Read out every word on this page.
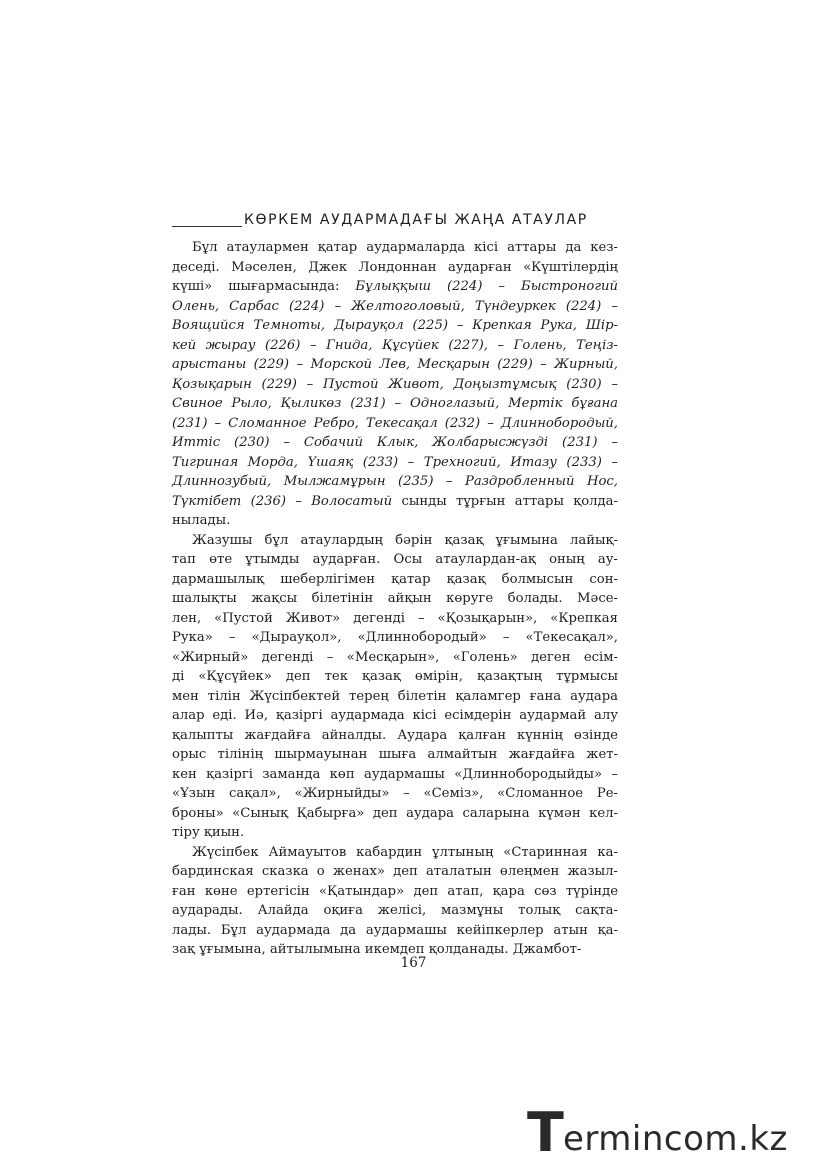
КӨРКЕМ АУДАРМАДАҒЫ ЖАҢА АТАУЛАР
Бұл атаулармен қатар аудармаларда кісі аттары да кез-
деседі. Мәселен, Джек Лондоннан аударған «Күштілердің
күші» шығармасында: Бұлыққыш (224) – Быстроногий
Олень, Сарбас (224) – Желтоголовый, Түндеуркек (224) –
Воящийся Темноты, Дырауқол (225) – Крепкая Рука, Шір-
кей жырау (226) – Гнида, Құсүйек (227), – Голень, Теңіз-
арыстаны (229) – Морской Лев, Месқарын (229) – Жирный,
Қозықарын (229) – Пустой Живот, Доңызтұмсық (230) –
Свиное Рыло, Қыликөз (231) – Одноглазый, Мертік бұғана
(231) – Сломанное Ребро, Текесақал (232) – Длиннобородый,
Иттіс (230) – Собачий Клык, Жолбарысжүзді (231) –
Тигриная Морда, Үшаяқ (233) – Трехногий, Итазу (233) –
Длиннозубый, Мылжамұрын (235) – Раздробленный Нос,
Түктібет (236) – Волосатый сынды тұрғын аттары қолда-
нылады.
Жазушы бұл атаулардың бәрін қазақ ұғымына лайық-
тап өте ұтымды аударған. Осы атаулардан-ақ оның ау-
дармашылық шеберлігімен қатар қазақ болмысын сон-
шалықты жақсы білетінін айқын көруге болады. Мәсе-
лен, «Пустой Живот» дегенді – «Қозықарын», «Крепкая
Рука» – «Дырауқол», «Длиннобородый» – «Текесақал»,
«Жирный» дегенді – «Месқарын», «Голень» деген есім-
ді «Құсүйек» деп тек қазақ өмірін, қазақтың тұрмысы
мен тілін Жүсіпбектей терең білетін қаламгер ғана аудара
алар еді. Иә, қазіргі аудармада кісі есімдерін аудармай алу
қалыпты жағдайға айналды. Аудара қалған күннің өзінде
орыс тілінің шырмауынан шыға алмайтын жағдайға жет-
кен қазіргі заманда көп аудармашы «Длиннобородыйды» –
«Ұзын сақал», «Жирныйды» – «Семіз», «Сломанное Ре-
броны» «Сынық Қабырға» деп аудара саларына күмән кел-
тіру қиын.
Жүсіпбек Аймауытов кабардин ұлтының «Старинная ка-
бардинская сказка о женах» деп аталатын өлеңмен жазыл-
ған көне ертегісін «Қатындар» деп атап, қара сөз түрінде
аударады. Алайда оқиға желісі, мазмұны толық сақта-
лады. Бұл аудармада да аудармашы кейіпкерлер атын қа-
зақ ұғымына, айтылымына икемдеп қолданады. Джамбот-
167
T ermincom.kz
